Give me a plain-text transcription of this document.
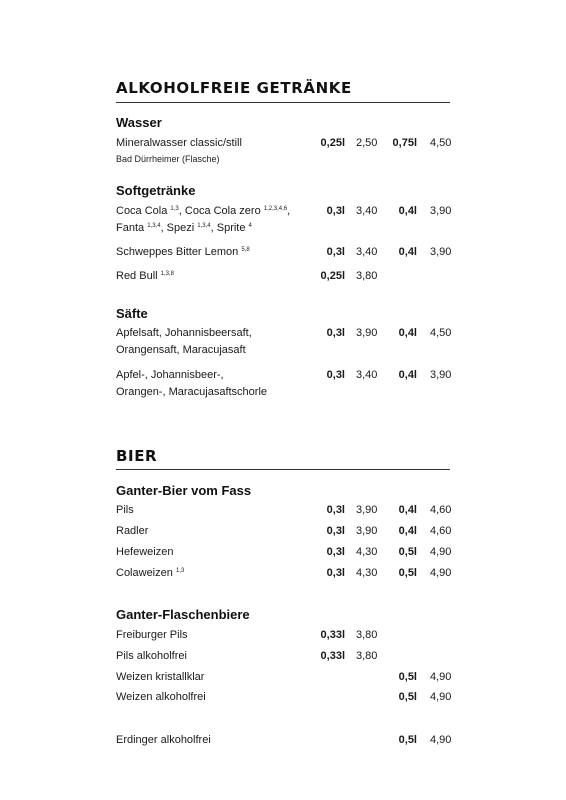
ALKOHOLFREIE GETRÄNKE
Wasser
Mineralwasser classic/still
Bad Dürrheimer (Flasche)
0,25l 2,50 0,75l 4,50
Softgetränke
Coca Cola $^{1,3}$, Coca Cola zero $^{1,2,3,4,6}$,
Fanta $^{1,3,4}$, Spezi $^{1,3,4}$, Sprite $^4$
0,3l 3,40 0,4l 3,90
Schweppes Bitter Lemon $^{5,8}$	0,3l 3,40 0,4l 3,90
Red Bull $^{1,3,8}$	0,25l 3,80
Säfte
Apfelsaft, Johannisbeersaft,
Orangensaft, Maracujasaft
0,3l 3,90 0,4l 4,50
Apfel-, Johannisbeer-,
Orangen-, Maracujasaftschorle
0,3l 3,40 0,4l 3,90
BIER
Ganter-Bier vom Fass
Pils	0,3l 3,90 0,4l 4,60
Radler	0,3l 3,90 0,4l 4,60
Hefeweizen	0,3l 4,30 0,5l 4,90
Colaweizen $^{1,3}$	0,3l 4,30 0,5l 4,90
Ganter-Flaschenbiere
Freiburger Pils	0,33l 3,80
Pils alkoholfrei	0,33l 3,80
Weizen kristallklar	0,5l 4,90
Weizen alkoholfrei	0,5l 4,90
Erdinger alkoholfrei	0,5l 4,90
